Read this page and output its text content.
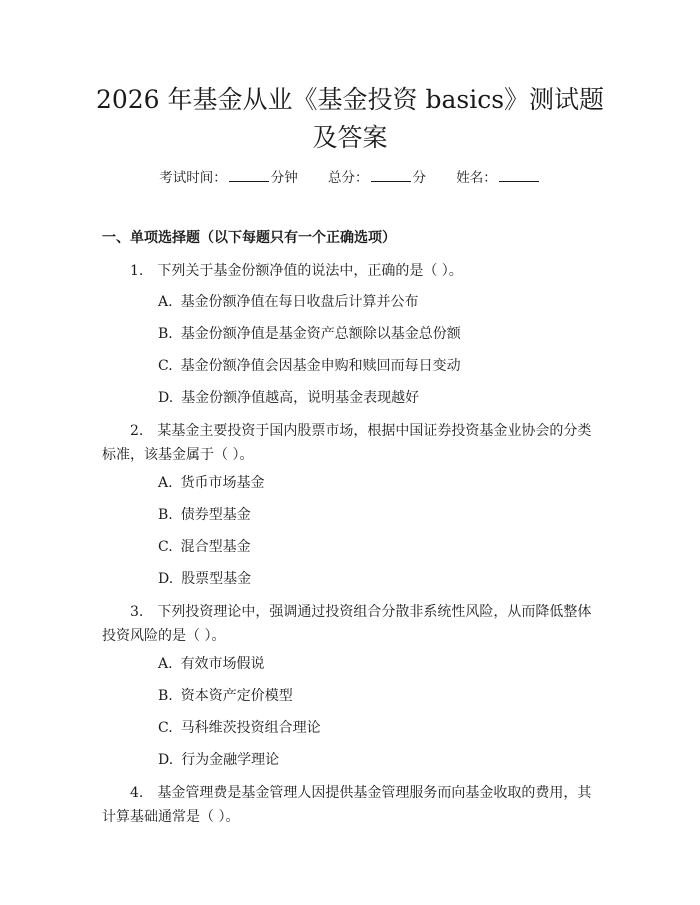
2026 年基金从业《基金投资 basics》测试题
及答案
考试时间：	分钟 总分：	分 姓名：
一、单项选择题（以下每题只有一个正确选项）

1. 下列关于基金份额净值的说法中，正确的是（ ）。

A. 基金份额净值在每日收盘后计算并公布
B. 基金份额净值是基金资产总额除以基金总份额
C. 基金份额净值会因基金申购和赎回而每日变动
D. 基金份额净值越高，说明基金表现越好

2. 某基金主要投资于国内股票市场，根据中国证券投资基金业协会的分类标准，该基金属于（ ）。

A. 货币市场基金
B. 债券型基金
C. 混合型基金
D. 股票型基金

3. 下列投资理论中，强调通过投资组合分散非系统性风险，从而降低整体投资风险的是（ ）。

A. 有效市场假说
B. 资本资产定价模型
C. 马科维茨投资组合理论
D. 行为金融学理论

4. 基金管理费是基金管理人因提供基金管理服务而向基金收取的费用，其计算基础通常是（ ）。
